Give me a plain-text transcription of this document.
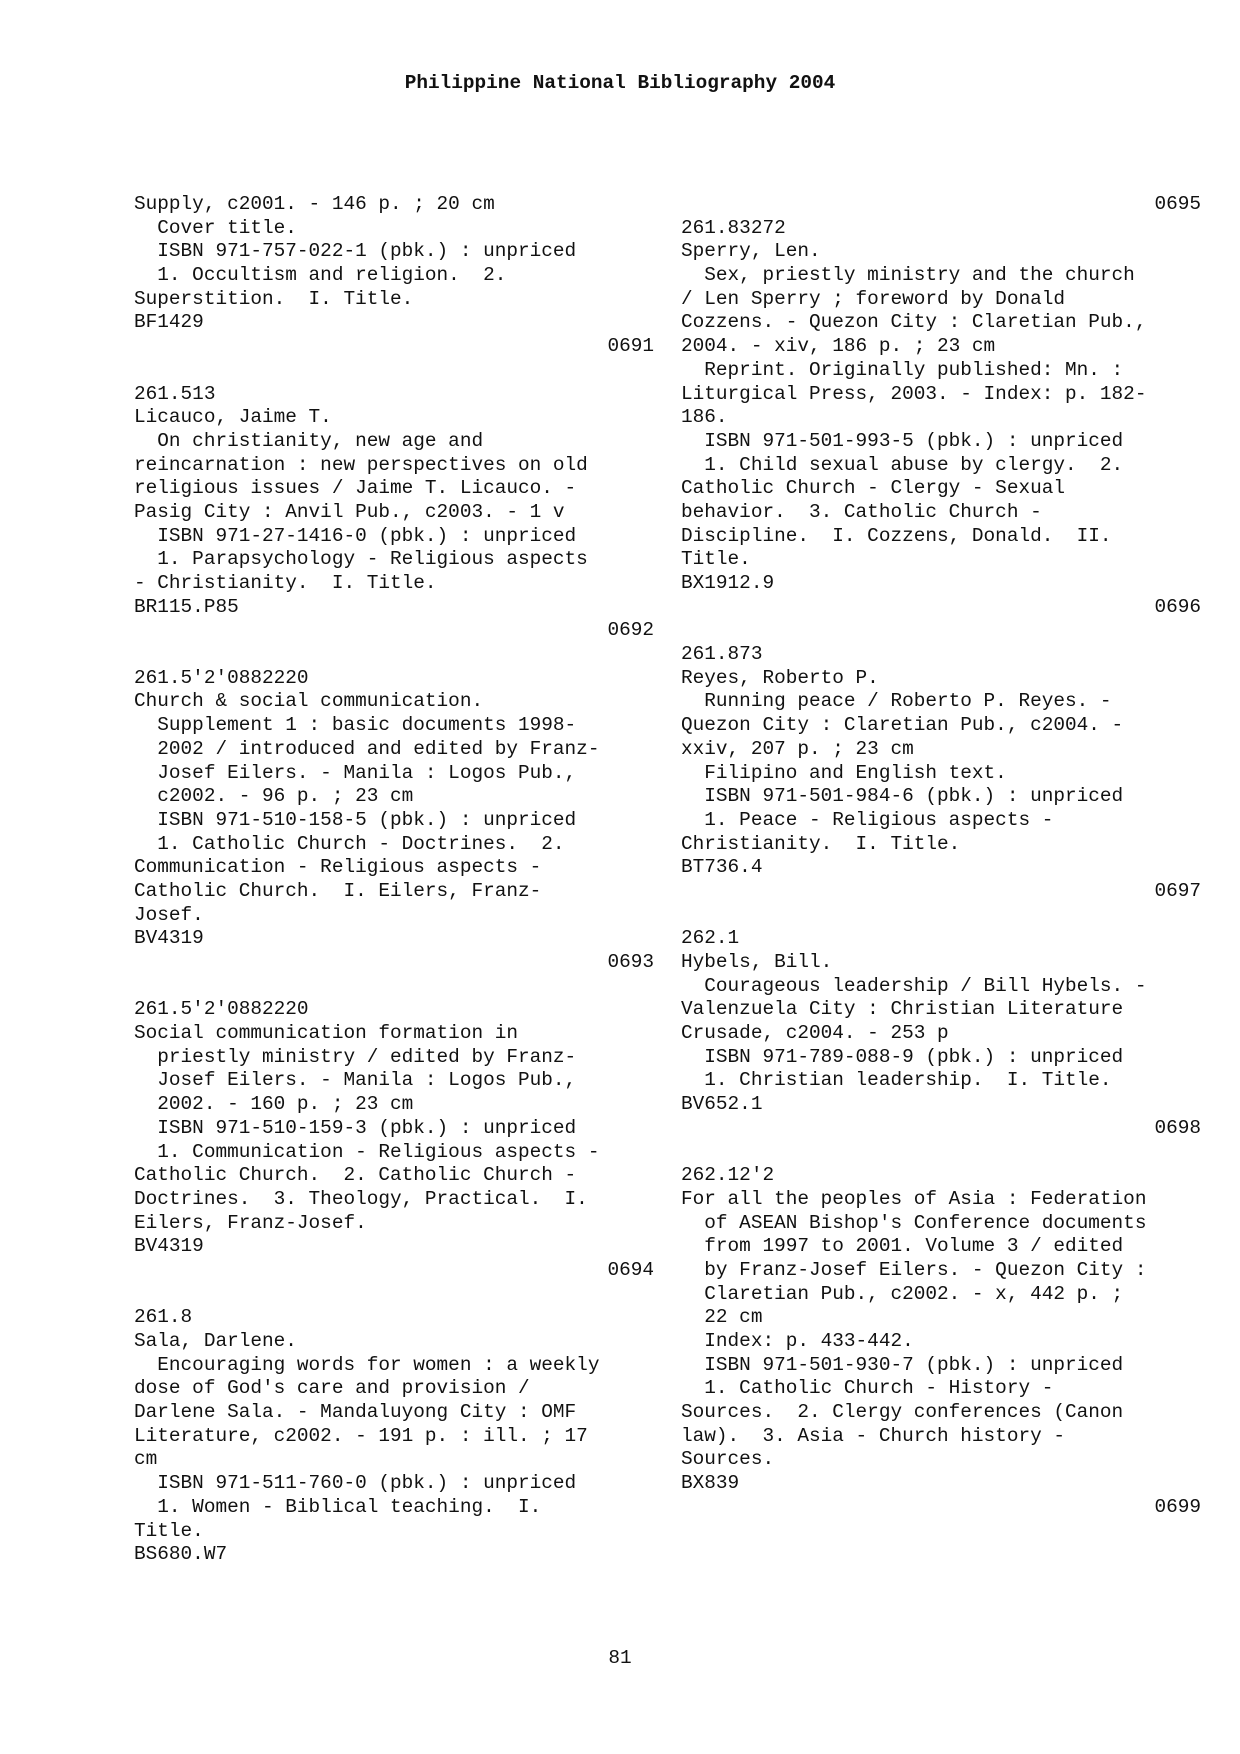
Philippine National Bibliography 2004
Supply, c2001. - 146 p. ; 20 cm
Cover title.
ISBN 971-757-022-1 (pbk.) : unpriced
1. Occultism and religion.  2.
Superstition.  I. Title.
BF1429
0691
261.513
Licauco, Jaime T.
On christianity, new age and
reincarnation : new perspectives on old
religious issues / Jaime T. Licauco. -
Pasig City : Anvil Pub., c2003. - 1 v
ISBN 971-27-1416-0 (pbk.) : unpriced
1. Parapsychology - Religious aspects
- Christianity.  I. Title.
BR115.P85
0692
261.5'2'0882220
Church & social communication.
Supplement 1 : basic documents 1998-
2002 / introduced and edited by Franz-
Josef Eilers. - Manila : Logos Pub.,
c2002. - 96 p. ; 23 cm
ISBN 971-510-158-5 (pbk.) : unpriced
1. Catholic Church - Doctrines.  2.
Communication - Religious aspects -
Catholic Church.  I. Eilers, Franz-
Josef.
BV4319
0693
261.5'2'0882220
Social communication formation in
priestly ministry / edited by Franz-
Josef Eilers. - Manila : Logos Pub.,
2002. - 160 p. ; 23 cm
ISBN 971-510-159-3 (pbk.) : unpriced
1. Communication - Religious aspects -
Catholic Church.  2. Catholic Church -
Doctrines.  3. Theology, Practical.  I.
Eilers, Franz-Josef.
BV4319
0694
261.8
Sala, Darlene.
Encouraging words for women : a weekly
dose of God's care and provision /
Darlene Sala. - Mandaluyong City : OMF
Literature, c2002. - 191 p. : ill. ; 17
cm
ISBN 971-511-760-0 (pbk.) : unpriced
1. Women - Biblical teaching.  I.
Title.
BS680.W7
0695
261.83272
Sperry, Len.
Sex, priestly ministry and the church
/ Len Sperry ; foreword by Donald
Cozzens. - Quezon City : Claretian Pub.,
2004. - xiv, 186 p. ; 23 cm
Reprint. Originally published: Mn. :
Liturgical Press, 2003. - Index: p. 182-
186.
ISBN 971-501-993-5 (pbk.) : unpriced
1. Child sexual abuse by clergy.  2.
Catholic Church - Clergy - Sexual
behavior.  3. Catholic Church -
Discipline.  I. Cozzens, Donald.  II.
Title.
BX1912.9
0696
261.873
Reyes, Roberto P.
Running peace / Roberto P. Reyes. -
Quezon City : Claretian Pub., c2004. -
xxiv, 207 p. ; 23 cm
Filipino and English text.
ISBN 971-501-984-6 (pbk.) : unpriced
1. Peace - Religious aspects -
Christianity.  I. Title.
BT736.4
0697
262.1
Hybels, Bill.
Courageous leadership / Bill Hybels. -
Valenzuela City : Christian Literature
Crusade, c2004. - 253 p
ISBN 971-789-088-9 (pbk.) : unpriced
1. Christian leadership.  I. Title.
BV652.1
0698
262.12'2
For all the peoples of Asia : Federation
of ASEAN Bishop's Conference documents
from 1997 to 2001. Volume 3 / edited
by Franz-Josef Eilers. - Quezon City :
Claretian Pub., c2002. - x, 442 p. ;
22 cm
Index: p. 433-442.
ISBN 971-501-930-7 (pbk.) : unpriced
1. Catholic Church - History -
Sources.  2. Clergy conferences (Canon
law).  3. Asia - Church history -
Sources.
BX839
0699
81
